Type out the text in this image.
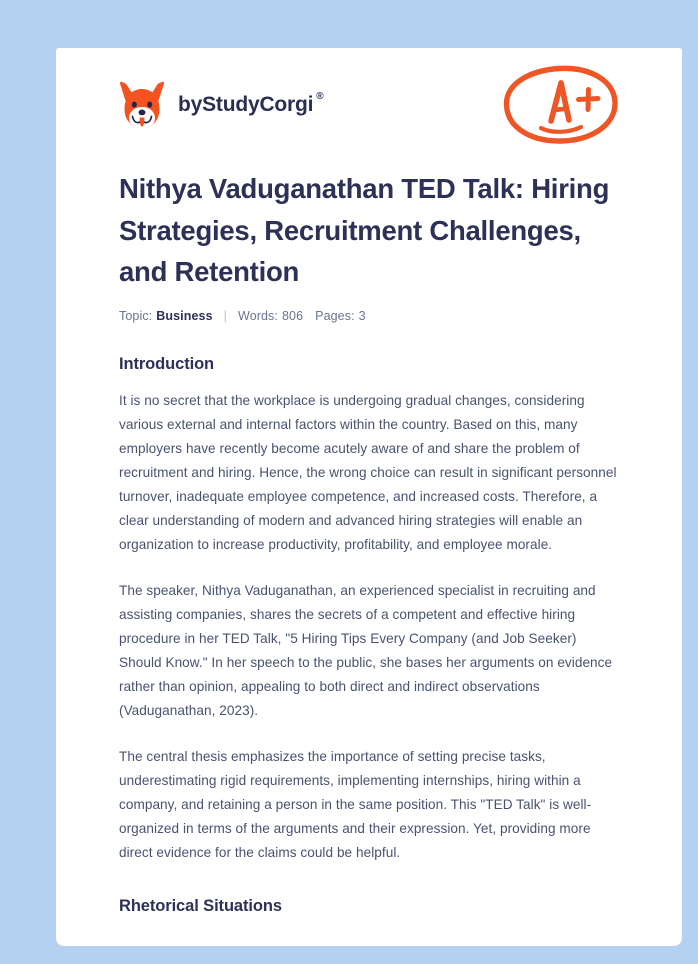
by StudyCorgi ®
Nithya Vaduganathan TED Talk: Hiring Strategies, Recruitment Challenges, and Retention
Topic: Business | Words: 806 Pages: 3
Introduction

It is no secret that the workplace is undergoing gradual changes, considering various external and internal factors within the country. Based on this, many employers have recently become acutely aware of and share the problem of recruitment and hiring. Hence, the wrong choice can result in significant personnel turnover, inadequate employee competence, and increased costs. Therefore, a clear understanding of modern and advanced hiring strategies will enable an organization to increase productivity, profitability, and employee morale.

The speaker, Nithya Vaduganathan, an experienced specialist in recruiting and assisting companies, shares the secrets of a competent and effective hiring procedure in her TED Talk, "5 Hiring Tips Every Company (and Job Seeker) Should Know." In her speech to the public, she bases her arguments on evidence rather than opinion, appealing to both direct and indirect observations (Vaduganathan, 2023).

The central thesis emphasizes the importance of setting precise tasks, underestimating rigid requirements, implementing internships, hiring within a company, and retaining a person in the same position. This "TED Talk" is well-organized in terms of the arguments and their expression. Yet, providing more direct evidence for the claims could be helpful.

Rhetorical Situations
